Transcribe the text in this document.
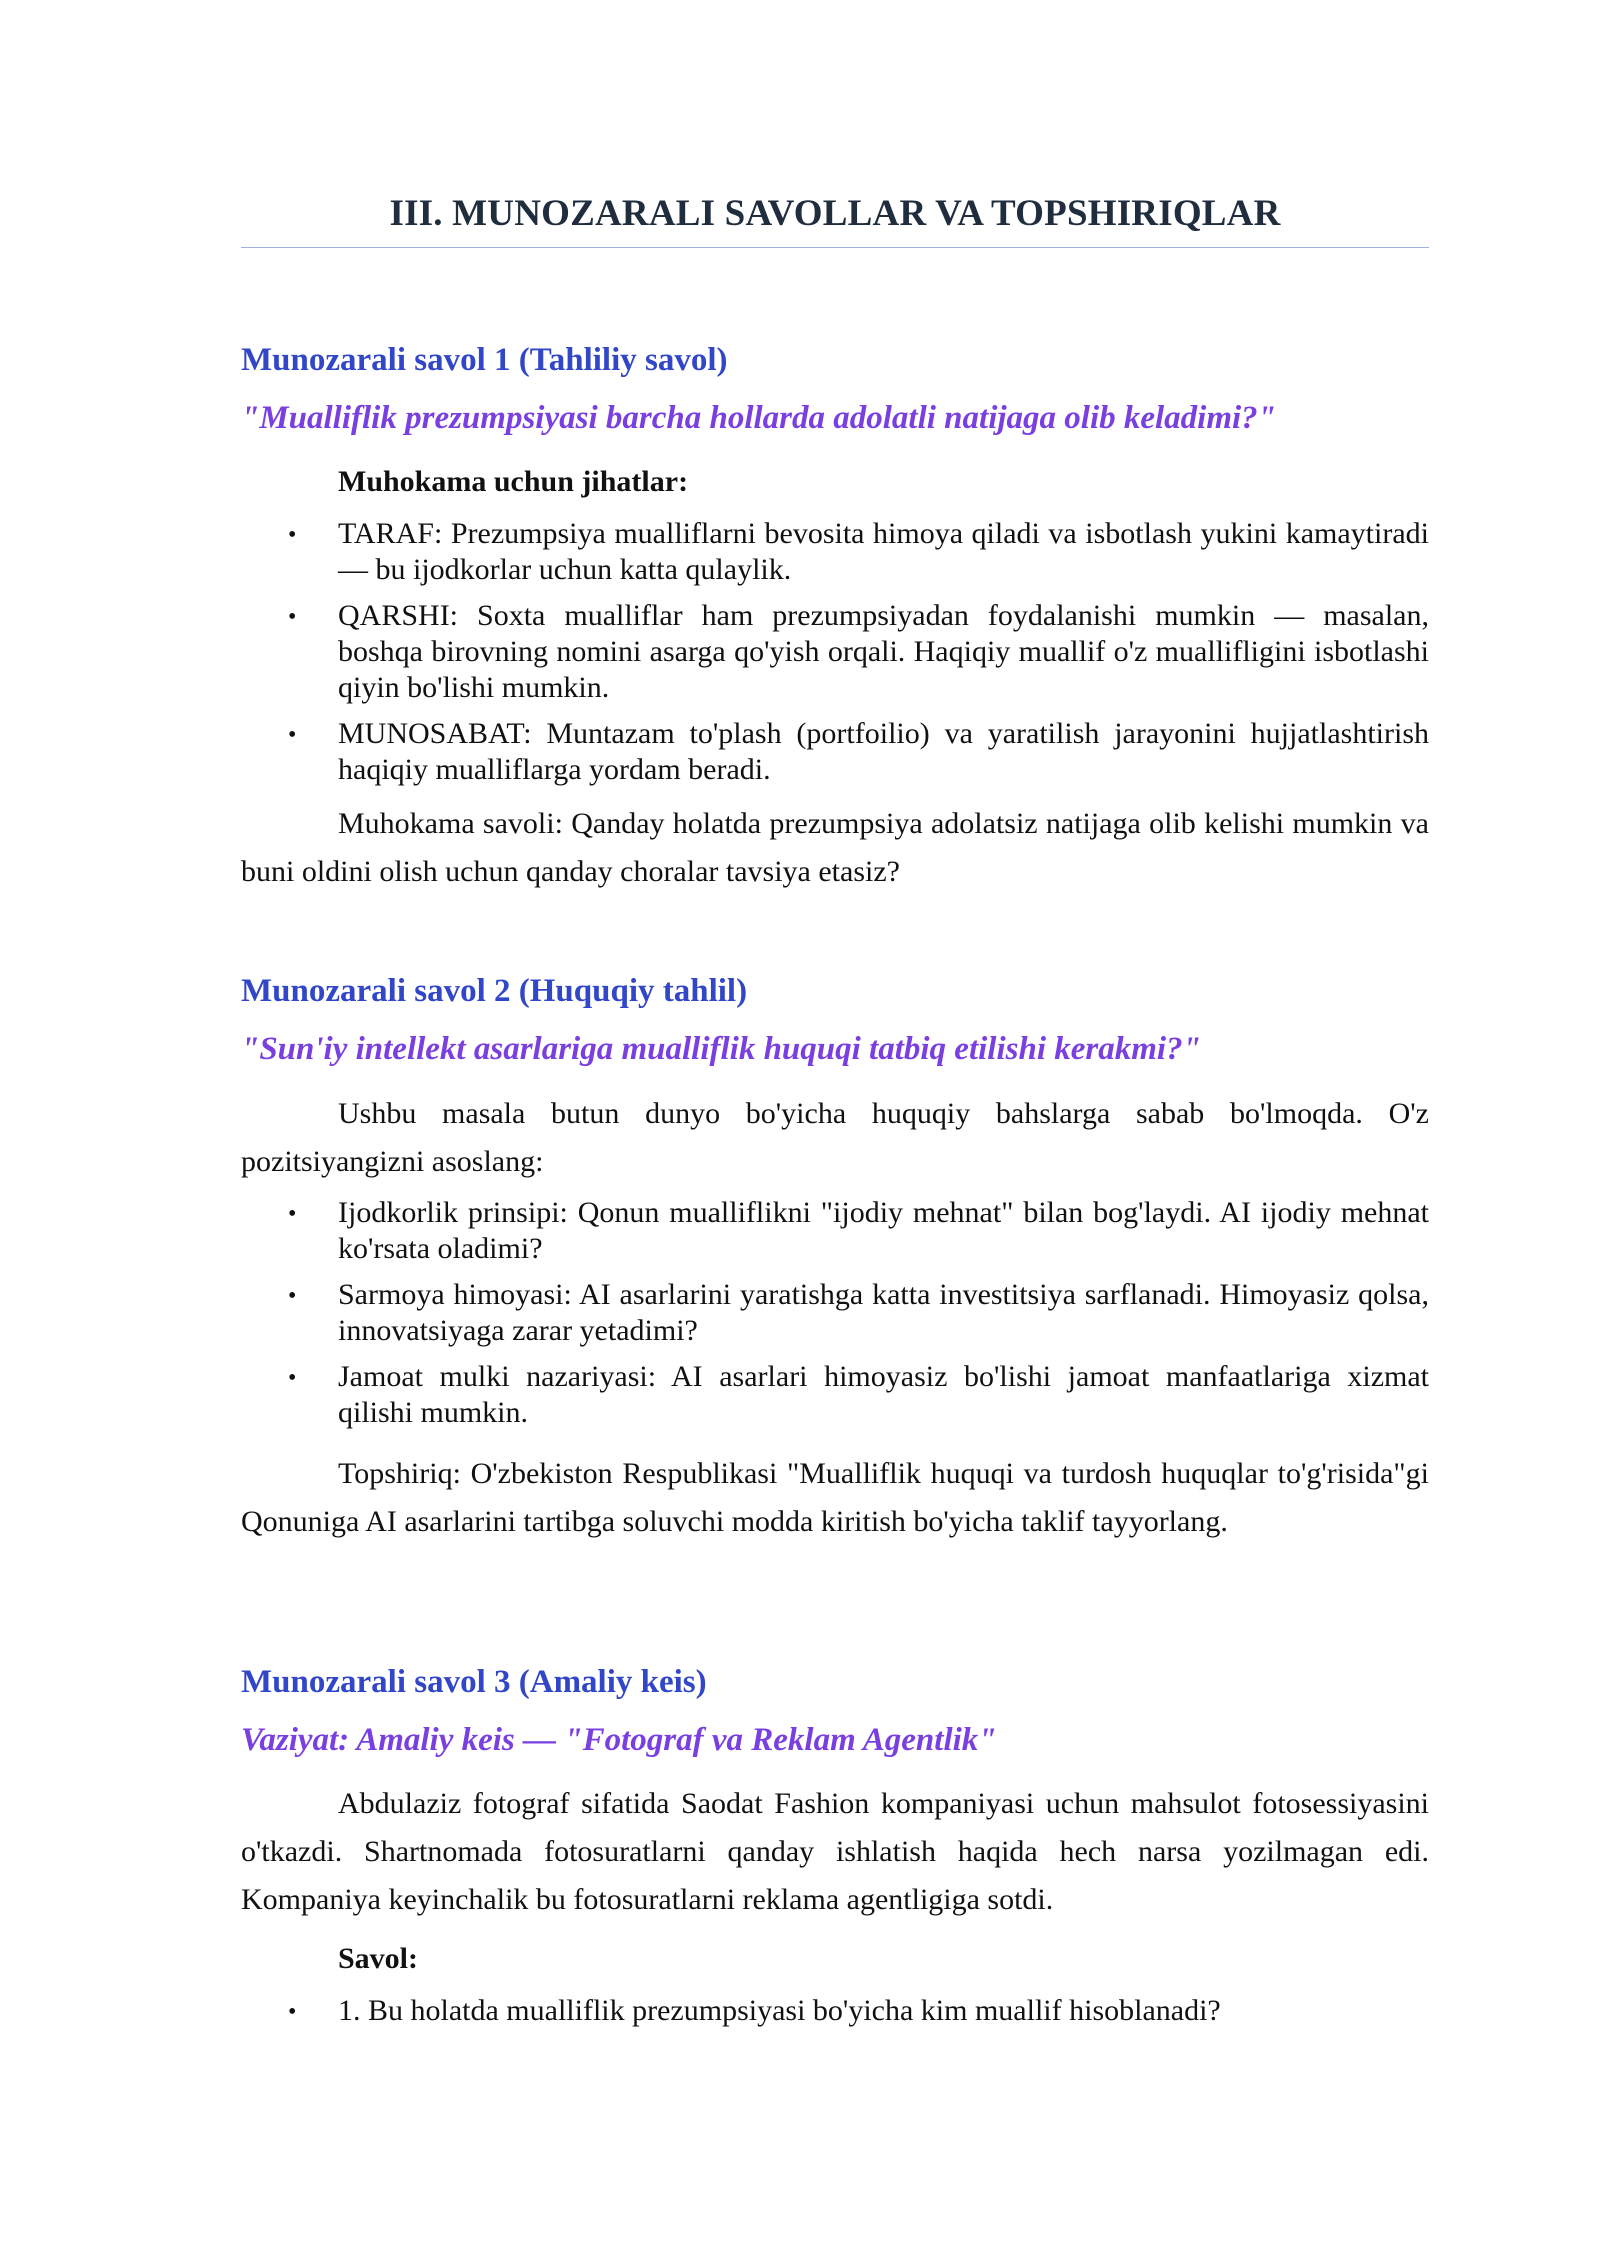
III. MUNOZARALI SAVOLLAR VA TOPSHIRIQLAR
Munozarali savol 1 (Tahliliy savol)
"Mualliflik prezumpsiyasi barcha hollarda adolatli natijaga olib keladimi?"
Muhokama uchun jihatlar:
• TARAF: Prezumpsiya mualliflarni bevosita himoya qiladi va isbotlash yukini kamaytiradi — bu ijodkorlar uchun katta qulaylik.
• QARSHI: Soxta mualliflar ham prezumpsiyadan foydalanishi mumkin — masalan, boshqa birovning nomini asarga qo'yish orqali. Haqiqiy muallif o'z muallifligini isbotlashi qiyin bo'lishi mumkin.
• MUNOSABAT: Muntazam to'plash (portfoilio) va yaratilish jarayonini hujjatlashtirish haqiqiy mualliflarga yordam beradi.

Muhokama savoli: Qanday holatda prezumpsiya adolatsiz natijaga olib kelishi mumkin va buni oldini olish uchun qanday choralar tavsiya etasiz?

Munozarali savol 2 (Huquqiy tahlil)
"Sun'iy intellekt asarlariga mualliflik huquqi tatbiq etilishi kerakmi?"

Ushbu masala butun dunyo bo'yicha huquqiy bahslarga sabab bo'lmoqda. O'z pozitsiyangizni asoslang:

• Ijodkorlik prinsipi: Qonun mualliflikni "ijodiy mehnat" bilan bog'laydi. AI ijodiy mehnat ko'rsata oladimi?
• Sarmoya himoyasi: AI asarlarini yaratishga katta investitsiya sarflanadi. Himoyasiz qolsa, innovatsiyaga zarar yetadimi?
• Jamoat mulki nazariyasi: AI asarlari himoyasiz bo'lishi jamoat manfaatlariga xizmat qilishi mumkin.

Topshiriq: O'zbekiston Respublikasi "Mualliflik huquqi va turdosh huquqlar to'g'risida"gi Qonuniga AI asarlarini tartibga soluvchi modda kiritish bo'yicha taklif tayyorlang.

Munozarali savol 3 (Amaliy keis)
Vaziyat: Amaliy keis — "Fotograf va Reklam Agentlik"

Abdulaziz fotograf sifatida Saodat Fashion kompaniyasi uchun mahsulot fotosessiyasini o'tkazdi. Shartnomada fotosuratlarni qanday ishlatish haqida hech narsa yozilmagan edi. Kompaniya keyinchalik bu fotosuratlarni reklama agentligiga sotdi.

Savol:
• 1. Bu holatda mualliflik prezumpsiyasi bo'yicha kim muallif hisoblanadi?
